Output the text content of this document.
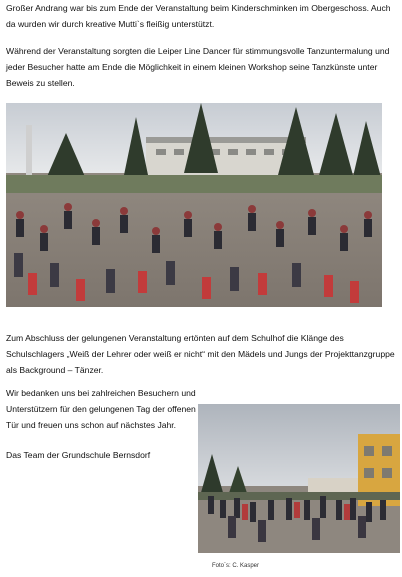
Großer Andrang war bis zum Ende der Veranstaltung beim Kinderschminken im Obergeschoss. Auch da wurden wir durch kreative Mutti`s fleißig unterstützt.

Während der Veranstaltung sorgten die Leiper Line Dancer für stimmungsvolle Tanzuntermalung und jeder Besucher hatte am Ende die Möglichkeit in einem kleinen Workshop seine Tanzkünste unter Beweis zu stellen.

Zum Abschluss der gelungenen Veranstaltung ertönten auf dem Schulhof die Klänge des Schulschlagers „Weiß der Lehrer oder weiß er nicht“ mit den Mädels und Jungs der Projekttanzgruppe als Background – Tänzer.

Wir bedanken uns bei zahlreichen Besuchern und Unterstützern für den gelungenen Tag der offenen Tür und freuen uns schon auf nächstes Jahr.

Das Team der Grundschule Bernsdorf

Foto`s: C. Kasper
